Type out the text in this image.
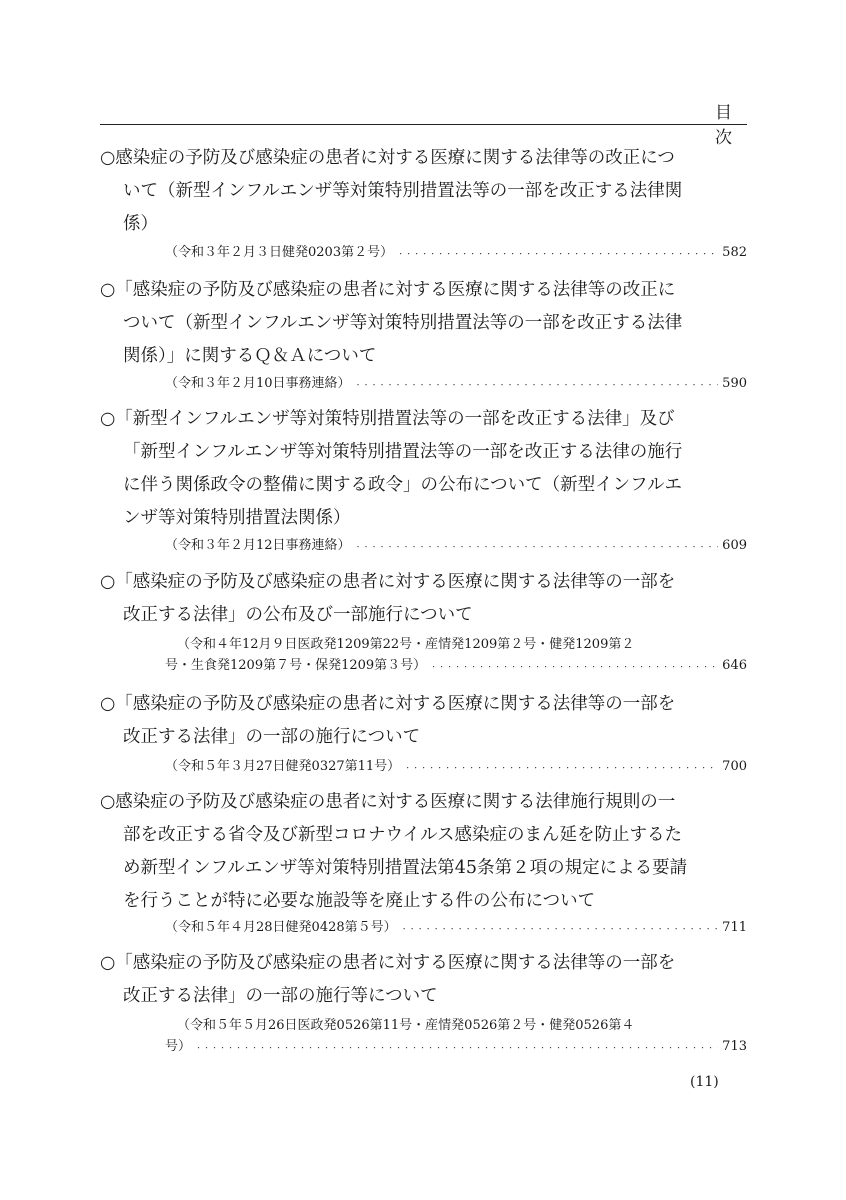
目　次
○感染症の予防及び感染症の患者に対する医療に関する法律等の改正につ
いて（新型インフルエンザ等対策特別措置法等の一部を改正する法律関
係）
（令和３年２月３日健発0203第２号） ・・・・・・・・・・・・・・・・・・・・・・・・・・・・・・・・・・・・・・・・・・・・・・・・・・・・・・・・・・・・・・・・・・・・・・・・・・・・・・・・	582
○「感染症の予防及び感染症の患者に対する医療に関する法律等の改正に
ついて（新型インフルエンザ等対策特別措置法等の一部を改正する法律
関係）」に関するＱ＆Ａについて
（令和３年２月10日事務連絡） ・・・・・・・・・・・・・・・・・・・・・・・・・・・・・・・・・・・・・・・・・・・・・・・・・・・・・・・・・・・・・・・・・・・・・・・・・・・・・・・・	590
○「新型インフルエンザ等対策特別措置法等の一部を改正する法律」及び
「新型インフルエンザ等対策特別措置法等の一部を改正する法律の施行
に伴う関係政令の整備に関する政令」の公布について（新型インフルエ
ンザ等対策特別措置法関係）
（令和３年２月12日事務連絡） ・・・・・・・・・・・・・・・・・・・・・・・・・・・・・・・・・・・・・・・・・・・・・・・・・・・・・・・・・・・・・・・・・・・・・・・・・・・・・・・・	609
○「感染症の予防及び感染症の患者に対する医療に関する法律等の一部を
改正する法律」の公布及び一部施行について
（令和４年12月９日医政発1209第22号・産情発1209第２号・健発1209第２
号・生食発1209第７号・保発1209第３号） ・・・・・・・・・・・・・・・・・・・・・・・・・・・・・・・・・・・・・・・・・・・・・・・・・・・・・・・・・・・・・・・・・・・・・・・・・・・・・・・・	646
○「感染症の予防及び感染症の患者に対する医療に関する法律等の一部を
改正する法律」の一部の施行について
（令和５年３月27日健発0327第11号） ・・・・・・・・・・・・・・・・・・・・・・・・・・・・・・・・・・・・・・・・・・・・・・・・・・・・・・・・・・・・・・・・・・・・・・・・・・・・・・・・	700
○感染症の予防及び感染症の患者に対する医療に関する法律施行規則の一
部を改正する省令及び新型コロナウイルス感染症のまん延を防止するた
め新型インフルエンザ等対策特別措置法第45条第２項の規定による要請
を行うことが特に必要な施設等を廃止する件の公布について
（令和５年４月28日健発0428第５号） ・・・・・・・・・・・・・・・・・・・・・・・・・・・・・・・・・・・・・・・・・・・・・・・・・・・・・・・・・・・・・・・・・・・・・・・・・・・・・・・・	711
○「感染症の予防及び感染症の患者に対する医療に関する法律等の一部を
改正する法律」の一部の施行等について
（令和５年５月26日医政発0526第11号・産情発0526第２号・健発0526第４
号） ・・・・・・・・・・・・・・・・・・・・・・・・・・・・・・・・・・・・・・・・・・・・・・・・・・・・・・・・・・・・・・・・・・・・・・・・・・・・・・・・	713
(11)
